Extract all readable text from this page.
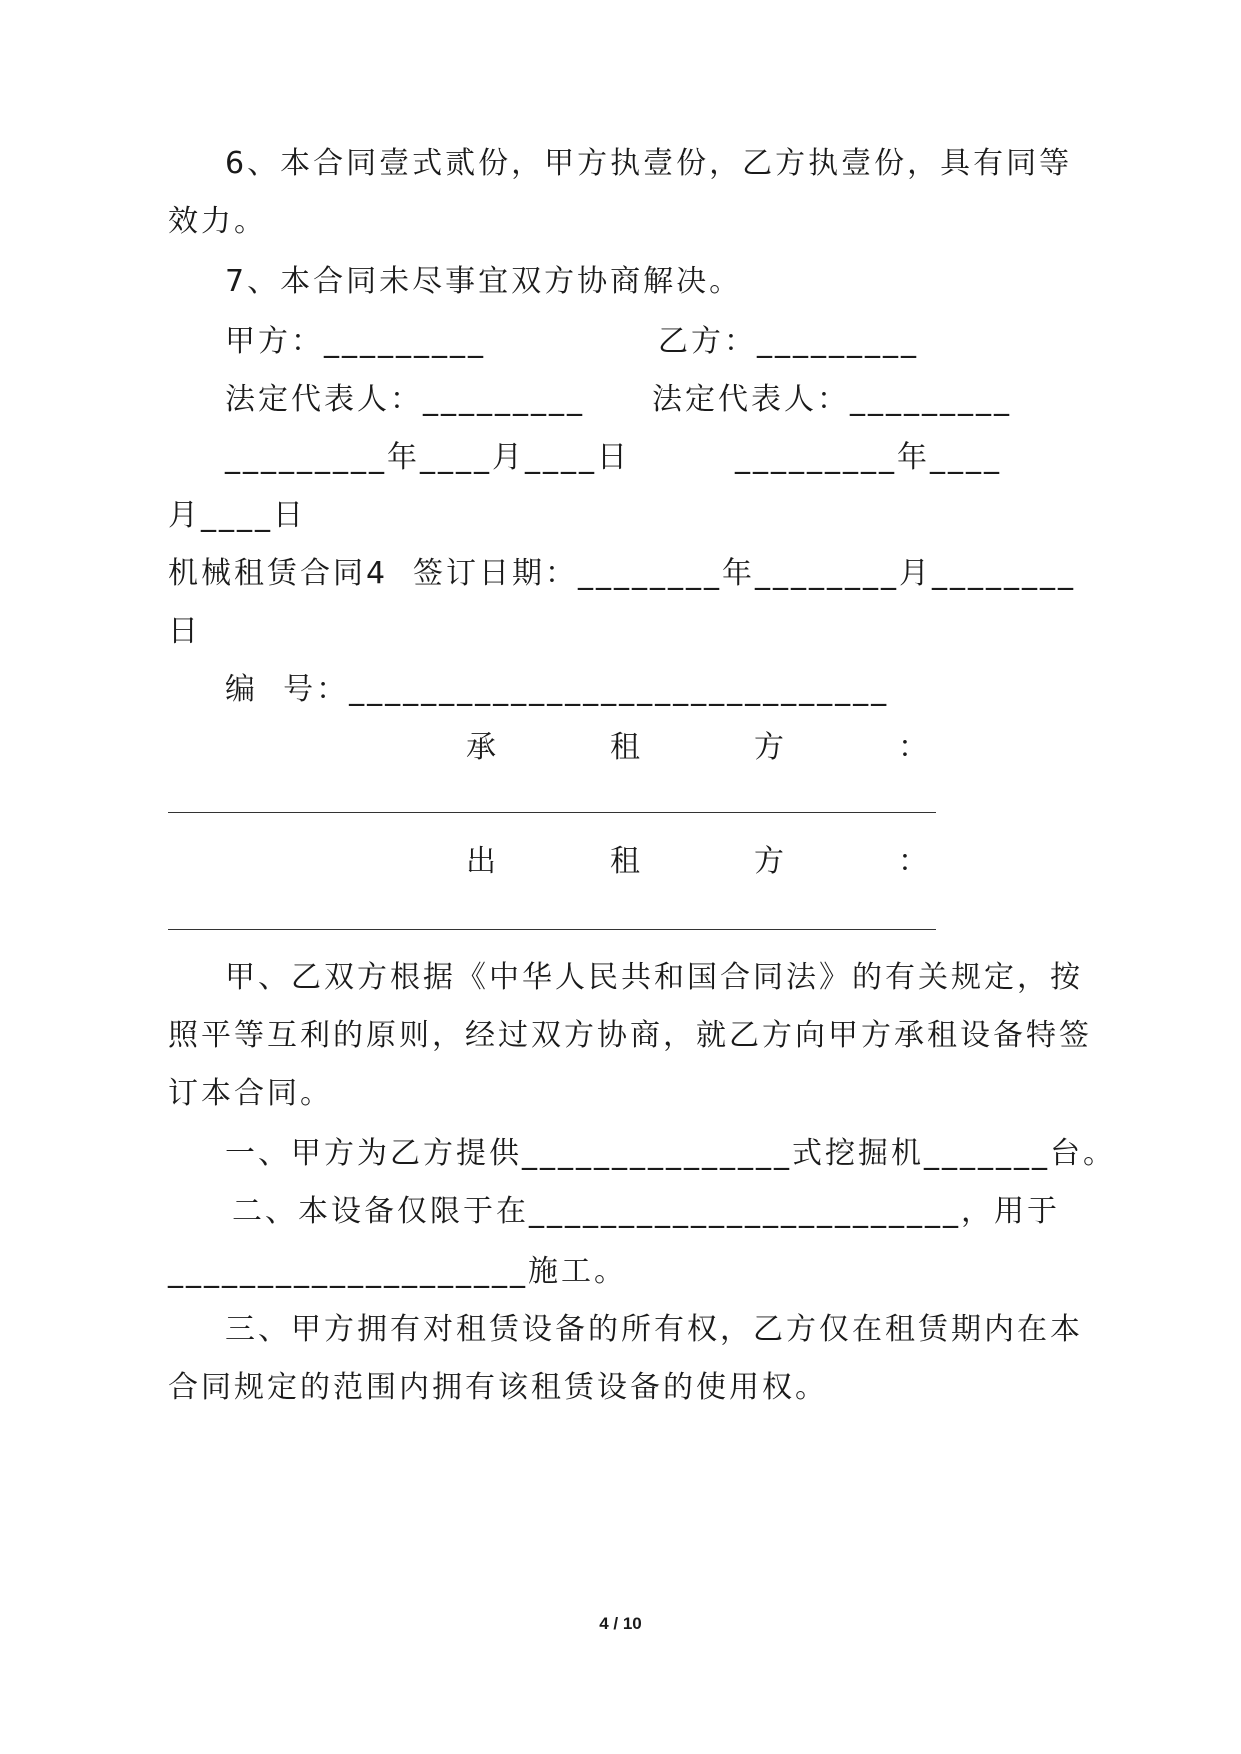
6、本合同壹式贰份，甲方执壹份，乙方执壹份，具有同等
效力。
7、本合同未尽事宜双方协商解决。
甲方：_________	乙方：_________
法定代表人：_________ 法定代表人：_________
_________年____月____日	_________年____
月____日
机械租赁合同4 签订日期：________年________月________
日
编  号：______________________________
承	租	方	：
出	租	方	：
甲、乙双方根据《中华人民共和国合同法》的有关规定，按
照平等互利的原则，经过双方协商，就乙方向甲方承租设备特签
订本合同。
一、甲方为乙方提供_______________式挖掘机_______台。
二、本设备仅限于在________________________，用于
____________________施工。
三、甲方拥有对租赁设备的所有权，乙方仅在租赁期内在本
合同规定的范围内拥有该租赁设备的使用权。
4 / 10
